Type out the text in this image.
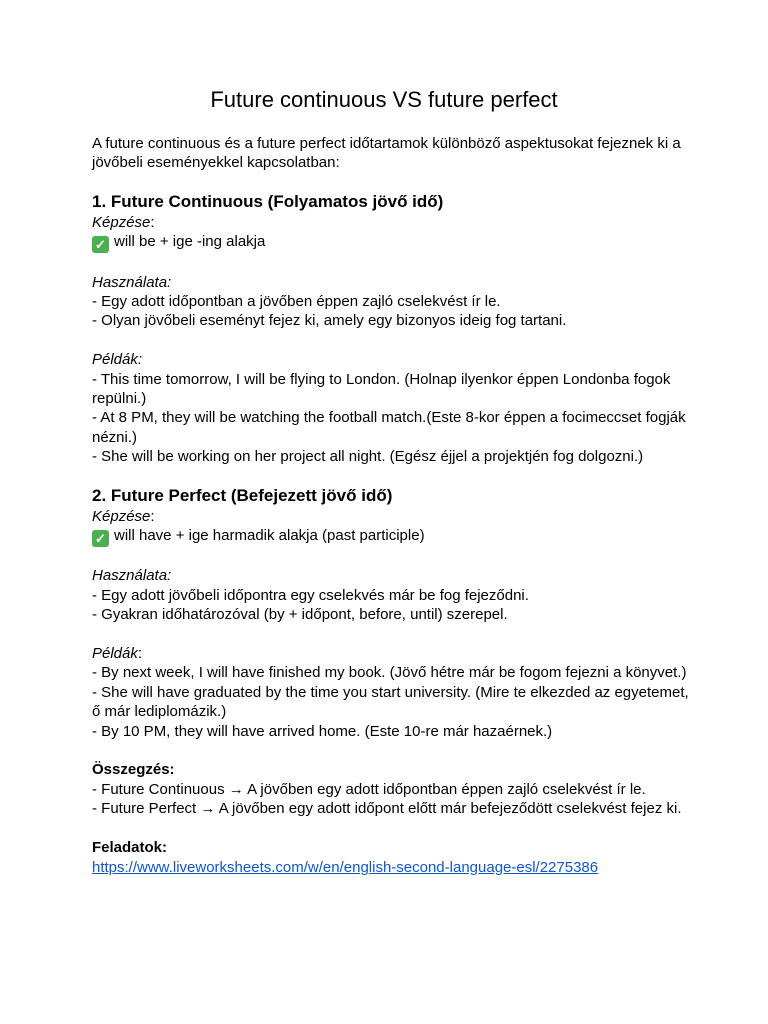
Future continuous VS future perfect

A future continuous és a future perfect időtartamok különböző aspektusokat fejeznek ki a jövőbeli eseményekkel kapcsolatban:

1. Future Continuous (Folyamatos jövő idő)
Képzése:
✓ will be + ige -ing alakja
Használata:
- Egy adott időpontban a jövőben éppen zajló cselekvést ír le.
- Olyan jövőbeli eseményt fejez ki, amely egy bizonyos ideig fog tartani.
Példák:
- This time tomorrow, I will be flying to London. (Holnap ilyenkor éppen Londonba fogok repülni.)
- At 8 PM, they will be watching the football match.(Este 8-kor éppen a focimeccset fogják nézni.)
- She will be working on her project all night. (Egész éjjel a projektjén fog dolgozni.)
2. Future Perfect (Befejezett jövő idő)
Képzése:
✓ will have + ige harmadik alakja (past participle)
Használata:
- Egy adott jövőbeli időpontra egy cselekvés már be fog fejeződni.
- Gyakran időhatározóval (by + időpont, before, until) szerepel.
Példák:
- By next week, I will have finished my book. (Jövő hétre már be fogom fejezni a könyvet.)
- She will have graduated by the time you start university. (Mire te elkezded az egyetemet, ő már lediplomázik.)
- By 10 PM, they will have arrived home. (Este 10-re már hazaérnek.)
Összegzés:
- Future Continuous → A jövőben egy adott időpontban éppen zajló cselekvést ír le.
- Future Perfect → A jövőben egy adott időpont előtt már befejeződött cselekvést fejez ki.
Feladatok:
https://www.liveworksheets.com/w/en/english-second-language-esl/2275386
